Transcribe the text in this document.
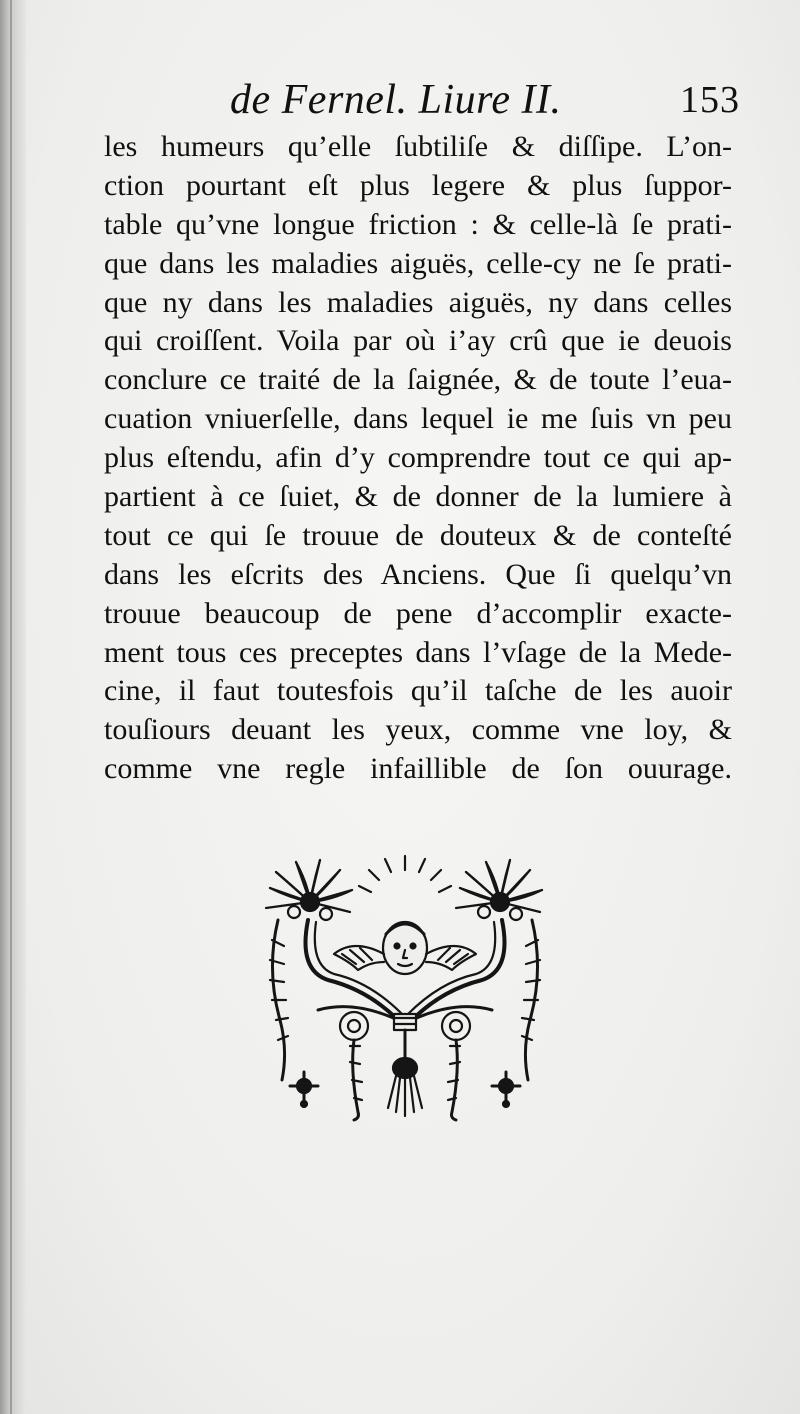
de Fernel. Liure II.	153
les humeurs qu’elle ſubtiliſe & diſſipe. L’on-
ction pourtant eſt plus legere & plus ſuppor-
table qu’vne longue friction : & celle-là ſe prati-
que dans les maladies aiguës, celle-cy ne ſe prati-
que ny dans les maladies aiguës, ny dans celles
qui croiſſent. Voila par où i’ay crû que ie deuois
conclure ce traité de la ſaignée, & de toute l’eua-
cuation vniuerſelle, dans lequel ie me ſuis vn peu
plus eſtendu, afin d’y comprendre tout ce qui ap-
partient à ce ſuiet, & de donner de la lumiere à
tout ce qui ſe trouue de douteux & de conteſté
dans les eſcrits des Anciens. Que ſi quelqu’vn
trouue beaucoup de pene d’accomplir exacte-
ment tous ces preceptes dans l’vſage de la Mede-
cine, il faut toutesfois qu’il taſche de les auoir
touſiours deuant les yeux, comme vne loy, &
comme vne regle infaillible de ſon ouurage.
